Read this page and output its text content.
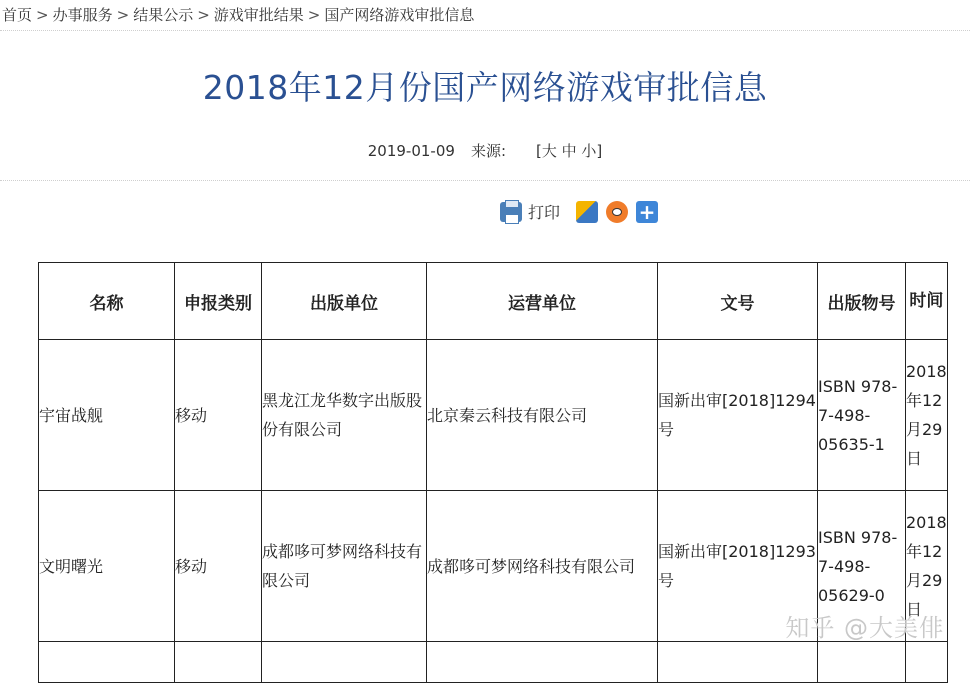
首页 > 办事服务 > 结果公示 > 游戏审批结果 > 国产网络游戏审批信息
2018年12月份国产网络游戏审批信息
2019-01-09 来源: [大 中 小]
打印	+
名称	申报类别	出版单位	运营单位	文号	出版物号	时间
宇宙战舰	移动	黑龙江龙华数字出版股份有限公司	北京秦云科技有限公司	国新出审[2018]1294号	ISBN 978-7-498-05635-1	2018年12月29日
文明曙光	移动	成都哆可梦网络科技有限公司	成都哆可梦网络科技有限公司	国新出审[2018]1293号	ISBN 978-7-498-05629-0	2018年12月29日

知乎 @大美俳
